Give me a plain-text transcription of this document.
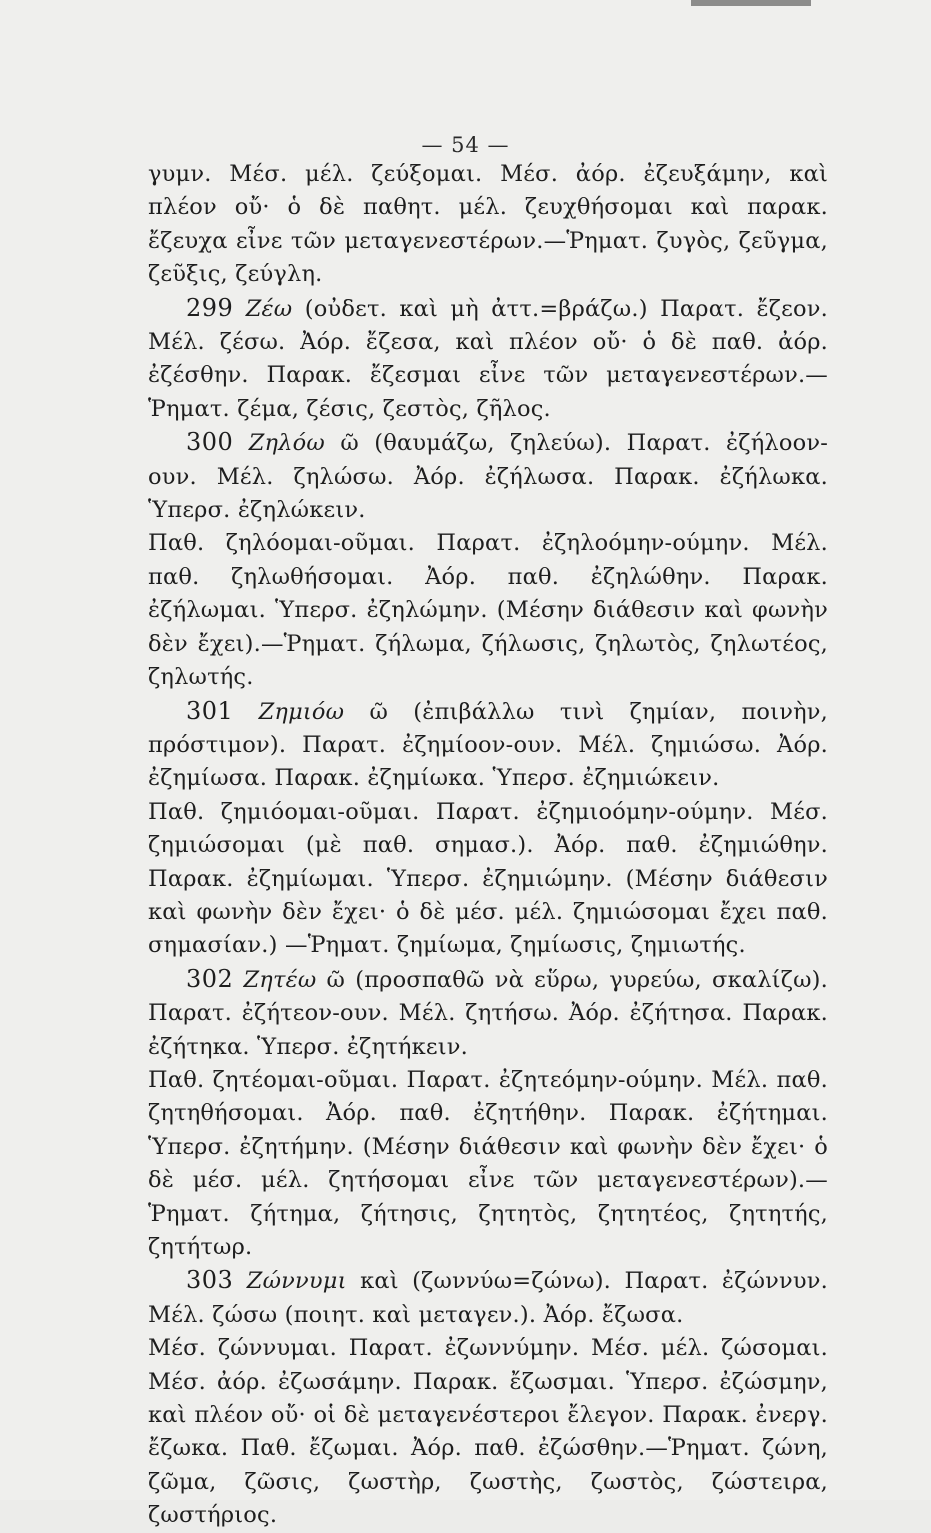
— 54 —

γυμν. Μέσ. μέλ. ζεύξομαι. Μέσ. ἀόρ. ἐζευξάμην, καὶ πλέον οὔ· ὁ δὲ παθητ. μέλ. ζευχθήσομαι καὶ παρακ. ἔζευχα εἶνε τῶν μεταγενεστέρων.—Ῥηματ. ζυγὸς, ζεῦγμα, ζεῦξις, ζεύγλη.

299 Ζέω (οὐδετ. καὶ μὴ ἀττ.=βράζω.) Παρατ. ἔζεον. Μέλ. ζέσω. Ἀόρ. ἔζεσα, καὶ πλέον οὔ· ὁ δὲ παθ. ἀόρ. ἐζέσθην. Παρακ. ἔζεσμαι εἶνε τῶν μεταγενεστέρων.—Ῥηματ. ζέμα, ζέσις, ζεστὸς, ζῆλος.

300 Ζηλόω ῶ (θαυμάζω, ζηλεύω). Παρατ. ἐζήλοον-ουν. Μέλ. ζηλώσω. Ἀόρ. ἐζήλωσα. Παρακ. ἐζήλωκα. Ὑπερσ. ἐζηλώκειν.

Παθ. ζηλόομαι-οῦμαι. Παρατ. ἐζηλοόμην-ούμην. Μέλ. παθ. ζηλωθήσομαι. Ἀόρ. παθ. ἐζηλώθην. Παρακ. ἐζήλωμαι. Ὑπερσ. ἐζηλώμην. (Μέσην διάθεσιν καὶ φωνὴν δὲν ἔχει).—Ῥηματ. ζήλωμα, ζήλωσις, ζηλωτὸς, ζηλωτέος, ζηλωτής.

301 Ζημιόω ῶ (ἐπιβάλλω τινὶ ζημίαν, ποινὴν, πρόστιμον). Παρατ. ἐζημίοον-ουν. Μέλ. ζημιώσω. Ἀόρ. ἐζημίωσα. Παρακ. ἐζημίωκα. Ὑπερσ. ἐζημιώκειν.

Παθ. ζημιόομαι-οῦμαι. Παρατ. ἐζημιοόμην-ούμην. Μέσ. ζημιώσομαι (μὲ παθ. σημασ.). Ἀόρ. παθ. ἐζημιώθην. Παρακ. ἐζημίωμαι. Ὑπερσ. ἐζημιώμην. (Μέσην διάθεσιν καὶ φωνὴν δὲν ἔχει· ὁ δὲ μέσ. μέλ. ζημιώσομαι ἔχει παθ. σημασίαν.) —Ῥηματ. ζημίωμα, ζημίωσις, ζημιωτής.

302 Ζητέω ῶ (προσπαθῶ νὰ εὕρω, γυρεύω, σκαλίζω). Παρατ. ἐζήτεον-ουν. Μέλ. ζητήσω. Ἀόρ. ἐζήτησα. Παρακ. ἐζήτηκα. Ὑπερσ. ἐζητήκειν.

Παθ. ζητέομαι-οῦμαι. Παρατ. ἐζητεόμην-ούμην. Μέλ. παθ. ζητηθήσομαι. Ἀόρ. παθ. ἐζητήθην. Παρακ. ἐζήτημαι. Ὑπερσ. ἐζητήμην. (Μέσην διάθεσιν καὶ φωνὴν δὲν ἔχει· ὁ δὲ μέσ. μέλ. ζητήσομαι εἶνε τῶν μεταγενεστέρων).—Ῥηματ. ζήτημα, ζήτησις, ζητητὸς, ζητητέος, ζητητής, ζητήτωρ.

303 Ζώννυμι καὶ (ζωννύω=ζώνω). Παρατ. ἐζώννυν. Μέλ. ζώσω (ποιητ. καὶ μεταγεν.). Ἀόρ. ἔζωσα.

Μέσ. ζώννυμαι. Παρατ. ἐζωννύμην. Μέσ. μέλ. ζώσομαι. Μέσ. ἀόρ. ἐζωσάμην. Παρακ. ἔζωσμαι. Ὑπερσ. ἐζώσμην, καὶ πλέον οὔ· οἱ δὲ μεταγενέστεροι ἔλεγον. Παρακ. ἐνεργ. ἔζωκα. Παθ. ἔζωμαι. Ἀόρ. παθ. ἐζώσθην.—Ῥηματ. ζώνη, ζῶμα, ζῶσις, ζωστὴρ, ζωστὴς, ζωστὸς, ζώστειρα, ζωστήριος.
